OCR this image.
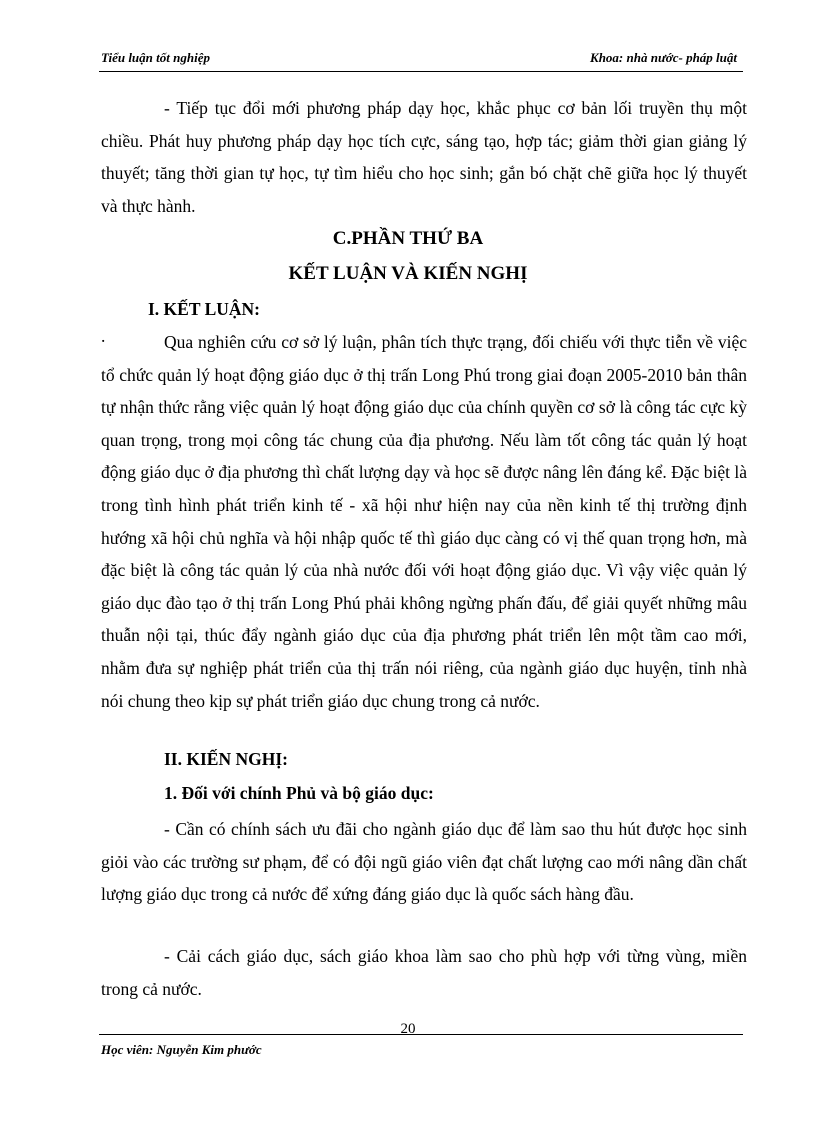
Tiểu luận tốt nghiệp	Khoa: nhà nước- pháp luật

- Tiếp tục đổi mới phương pháp dạy học, khắc phục cơ bản lối truyền thụ một chiều. Phát huy phương pháp dạy học tích cực, sáng tạo, hợp tác; giảm thời gian giảng lý thuyết; tăng thời gian tự học, tự tìm hiểu cho học sinh; gắn bó chặt chẽ giữa học lý thuyết và thực hành.

C.PHẦN THỨ BA
KẾT LUẬN VÀ KIẾN NGHỊ
I. KẾT LUẬN:
.	Qua nghiên cứu cơ sở lý luận, phân tích thực trạng, đối chiếu với thực tiễn về việc tổ chức quản lý hoạt động giáo dục ở thị trấn Long Phú trong giai đoạn 2005-2010 bản thân tự nhận thức rằng việc quản lý hoạt động giáo dục của chính quyền cơ sở là công tác cực kỳ quan trọng, trong mọi công tác chung của địa phương. Nếu làm tốt công tác quản lý hoạt động giáo dục ở địa phương thì chất lượng dạy và học sẽ được nâng lên đáng kể. Đặc biệt là trong tình hình phát triển kinh tế - xã hội như hiện nay của nền kinh tế thị trường định hướng xã hội chủ nghĩa và hội nhập quốc tế thì giáo dục càng có vị thế quan trọng hơn, mà đặc biệt là công tác quản lý của nhà nước đối với hoạt động giáo dục. Vì vậy việc quản lý giáo dục đào tạo ở thị trấn Long Phú phải không ngừng phấn đấu, để giải quyết những mâu thuẫn nội tại, thúc đẩy ngành giáo dục của địa phương phát triển lên một tầm cao mới, nhằm đưa sự nghiệp phát triển của thị trấn nói riêng, của ngành giáo dục huyện, tỉnh nhà nói chung theo kịp sự phát triển giáo dục chung trong cả nước.

II. KIẾN NGHỊ:
1. Đối với chính Phủ và bộ giáo dục:

- Cần có chính sách ưu đãi cho ngành giáo dục để làm sao thu hút được học sinh giỏi vào các trường sư phạm, để có đội ngũ giáo viên đạt chất lượng cao mới nâng dần chất lượng giáo dục trong cả nước để xứng đáng giáo dục là quốc sách hàng đầu.

- Cải cách giáo dục, sách giáo khoa làm sao cho phù hợp với từng vùng, miền trong cả nước.

20
Học viên: Nguyễn Kim phước
